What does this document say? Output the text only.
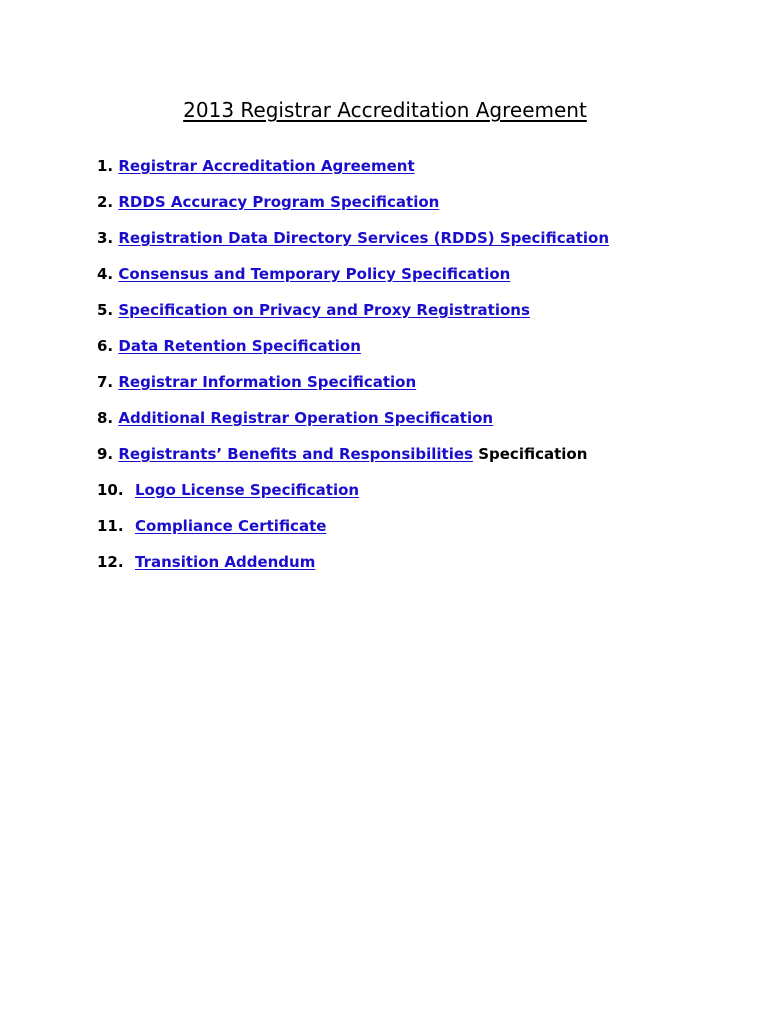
2013 Registrar Accreditation Agreement
1. Registrar Accreditation Agreement
2. RDDS Accuracy Program Specification
3. Registration Data Directory Services (RDDS) Specification
4. Consensus and Temporary Policy Specification
5. Specification on Privacy and Proxy Registrations
6. Data Retention Specification
7. Registrar Information Specification
8. Additional Registrar Operation Specification
9. Registrants’ Benefits and Responsibilities Specification
10. Logo License Specification
11. Compliance Certificate
12. Transition Addendum
